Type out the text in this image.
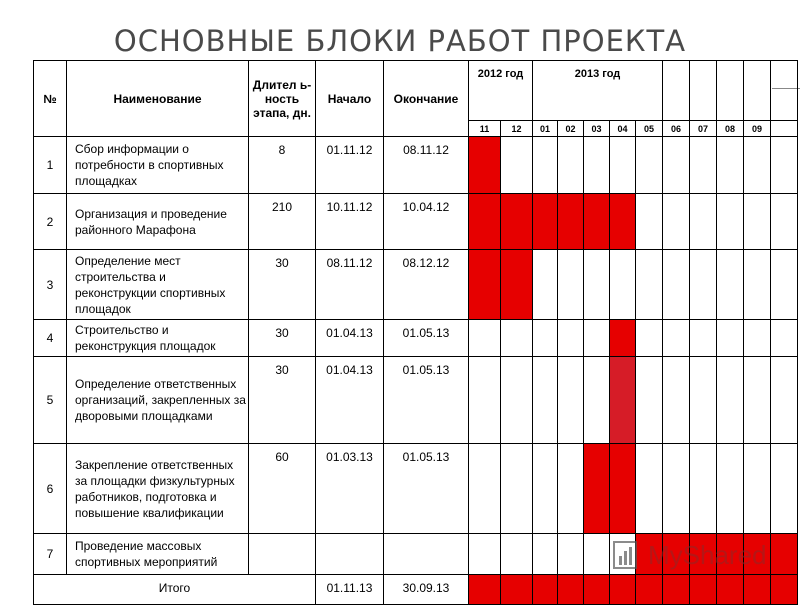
ОСНОВНЫЕ БЛОКИ РАБОТ ПРОЕКТА
№	Наименование	Длител ь-ность этапа, дн.	Начало	Окончание	2012 год		2013 год									
					11	12	01	02	03	04	05	06	07	08	09	
1	Сбор информации о потребности в спортивных площадках	8	01.11.12	08.11.12												
2	Организация и проведение районного Марафона	210	10.11.12	10.04.12												
3	Определение мест строительства и реконструкции спортивных площадок	30	08.11.12	08.12.12												
4	Строительство и реконструкция площадок	30	01.04.13	01.05.13												
5	Определение ответственных организаций, закрепленных за дворовыми площадками	30	01.04.13	01.05.13												
6	Закрепление ответственных за площадки физкультурных работников, подготовка и повышение квалификации	60	01.03.13	01.05.13												
7	Проведение массовых спортивных мероприятий															
Итого			01.11.13	30.09.13												
MyShared
